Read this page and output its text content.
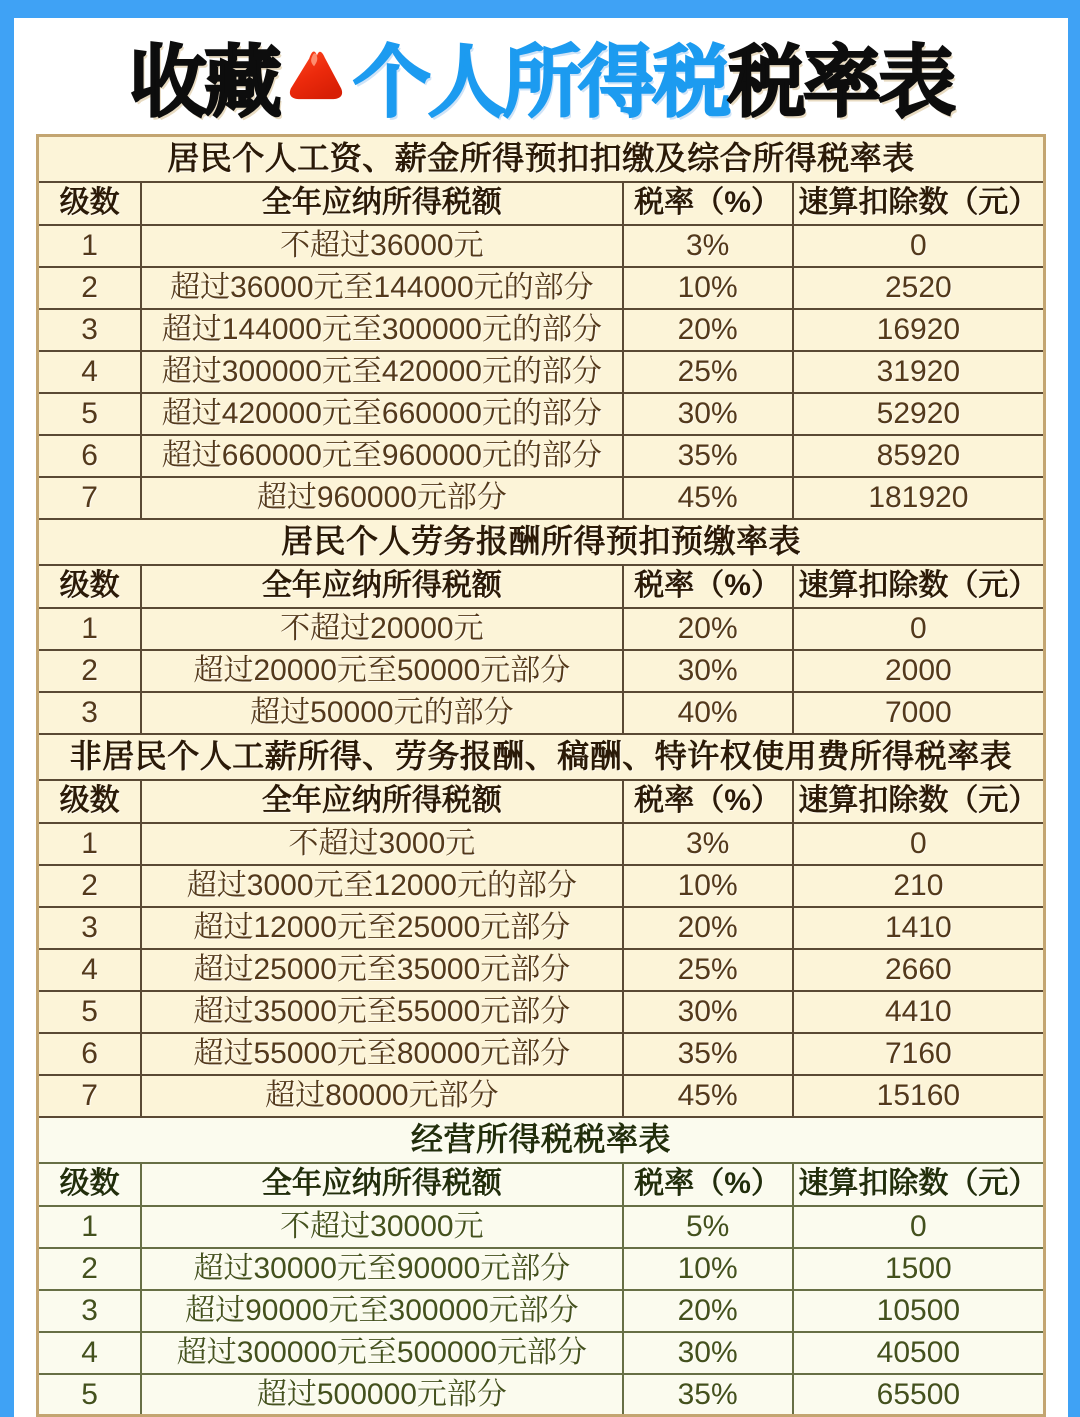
收藏 个人所得税 税率表
居民个人工资、薪金所得预扣扣缴及综合所得税率表			
级数	全年应纳所得税额	税率（%）	速算扣除数（元）
1	不超过36000元	3%	0
2	超过36000元至144000元的部分	10%	2520
3	超过144000元至300000元的部分	20%	16920
4	超过300000元至420000元的部分	25%	31920
5	超过420000元至660000元的部分	30%	52920
6	超过660000元至960000元的部分	35%	85920
7	超过960000元部分	45%	181920
居民个人劳务报酬所得预扣预缴率表			
级数	全年应纳所得税额	税率（%）	速算扣除数（元）
1	不超过20000元	20%	0
2	超过20000元至50000元部分	30%	2000
3	超过50000元的部分	40%	7000
非居民个人工薪所得、劳务报酬、稿酬、特许权使用费所得税率表			
级数	全年应纳所得税额	税率（%）	速算扣除数（元）
1	不超过3000元	3%	0
2	超过3000元至12000元的部分	10%	210
3	超过12000元至25000元部分	20%	1410
4	超过25000元至35000元部分	25%	2660
5	超过35000元至55000元部分	30%	4410
6	超过55000元至80000元部分	35%	7160
7	超过80000元部分	45%	15160
经营所得税税率表			
级数	全年应纳所得税额	税率（%）	速算扣除数（元）
1	不超过30000元	5%	0
2	超过30000元至90000元部分	10%	1500
3	超过90000元至300000元部分	20%	10500
4	超过300000元至500000元部分	30%	40500
5	超过500000元部分	35%	65500
